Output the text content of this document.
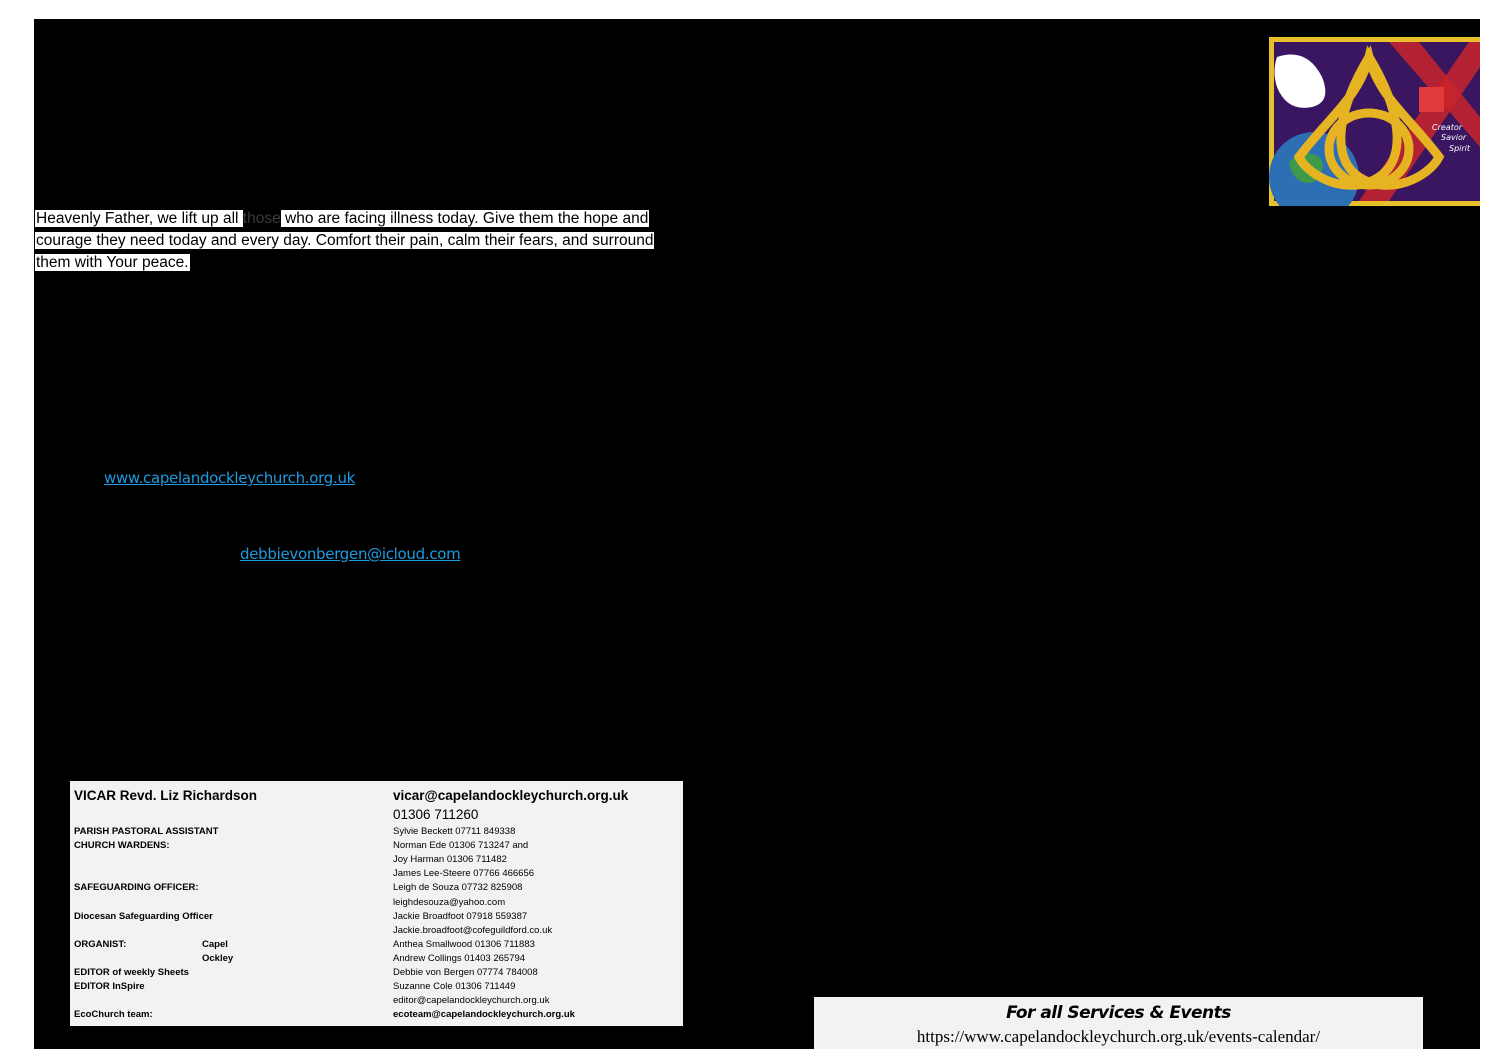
Heavenly Father, we lift up all those who are facing illness today. Give them the hope and
courage they need today and every day. Comfort their pain, calm their fears, and surround
them with Your peace.
www.capelandockleychurch.org.uk
debbievonbergen@icloud.com
Creator
Savior
Spirit
VICAR Revd. Liz Richardson	vicar@capelandockleychurch.org.uk
01306 711260
PARISH PASTORAL ASSISTANT	Sylvie Beckett 07711 849338
CHURCH WARDENS:	Norman Ede 01306 713247 and
Joy Harman 01306 711482
James Lee-Steere 07766 466656
SAFEGUARDING OFFICER:	Leigh de Souza 07732 825908
leighdesouza@yahoo.com
Diocesan Safeguarding Officer	Jackie Broadfoot 07918 559387
Jackie.broadfoot@cofeguildford.co.uk
ORGANIST:	Capel	Anthea Smallwood 01306 711883
Ockley	Andrew Collings 01403 265794
EDITOR of weekly Sheets	Debbie von Bergen 07774 784008
EDITOR InSpire	Suzanne Cole 01306 711449
editor@capelandockleychurch.org.uk
EcoChurch team:	ecoteam@capelandockleychurch.org.uk	For all Services & Events
https://www.capelandockleychurch.org.uk/events-calendar/
